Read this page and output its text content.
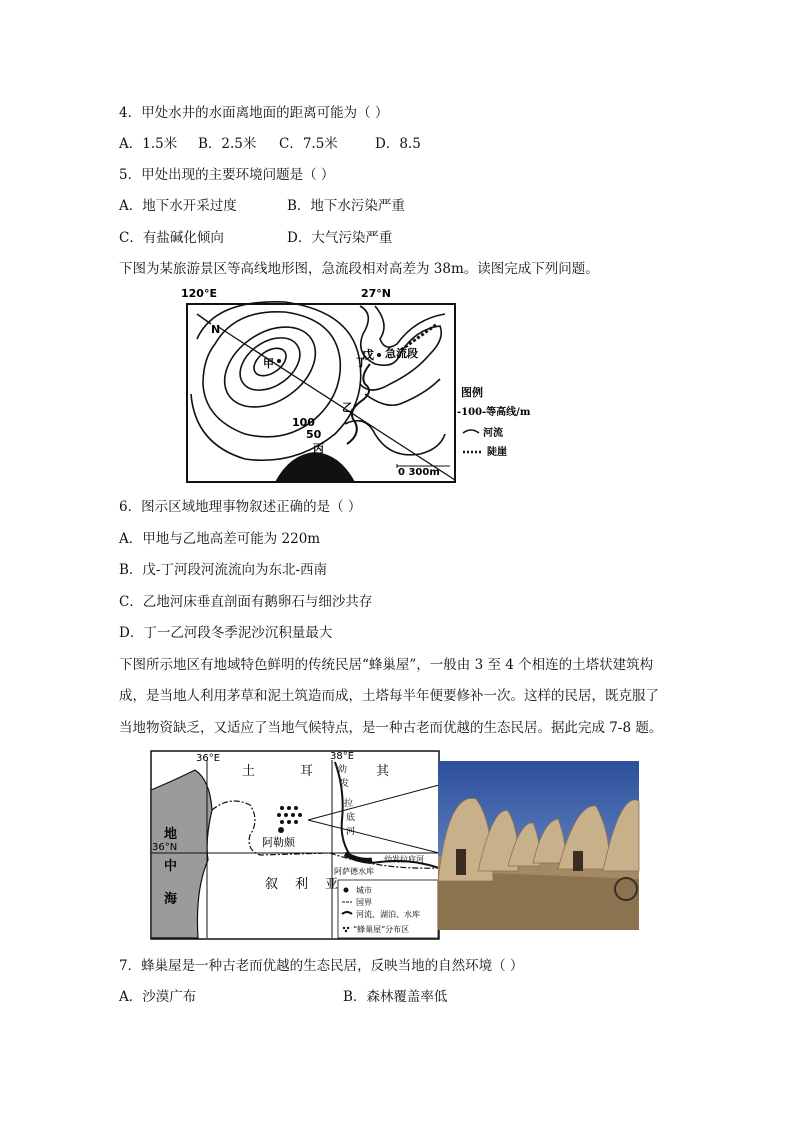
4．甲处水井的水面离地面的距离可能为（ ）
A．1.5米 B．2.5米 C．7.5米	D．8.5
5．甲处出现的主要环境问题是（ ）
A．地下水开采过度	B．地下水污染严重
C．有盐碱化倾向	D．大气污染严重
下图为某旅游景区等高线地形图，急流段相对高差为 38m。读图完成下列问题。
120°E	27°N
N
甲
乙
丙
丁
戊 急流段
100
50
0 300m
图例
-100-等高线/m
河流
陡崖
6．图示区域地理事物叙述正确的是（ ）
A．甲地与乙地高差可能为 220m
B．戊-丁河段河流流向为东北-西南
C．乙地河床垂直剖面有鹅卵石与细沙共存
D．丁一乙河段冬季泥沙沉积量最大
下图所示地区有地域特色鲜明的传统民居“蜂巢屋”，一般由 3 至 4 个相连的土塔状建筑构
成，是当地人利用茅草和泥土筑造而成，土塔每半年便要修补一次。这样的民居，既克服了
当地物资缺乏，又适应了当地气候特点，是一种古老而优越的生态民居。据此完成 7-8 题。
地
中
海
36°E	38°E
36°N	阿勒颇
土	耳	其
叙 利 亚
幼
发
拉
底
河
阿萨德水库
幼发拉底河
城市
国界
河流、湖泊、水库
“蜂巢屋”分布区
7．蜂巢屋是一种古老而优越的生态民居，反映当地的自然环境（ ）
A．沙漠广布	B．森林覆盖率低
